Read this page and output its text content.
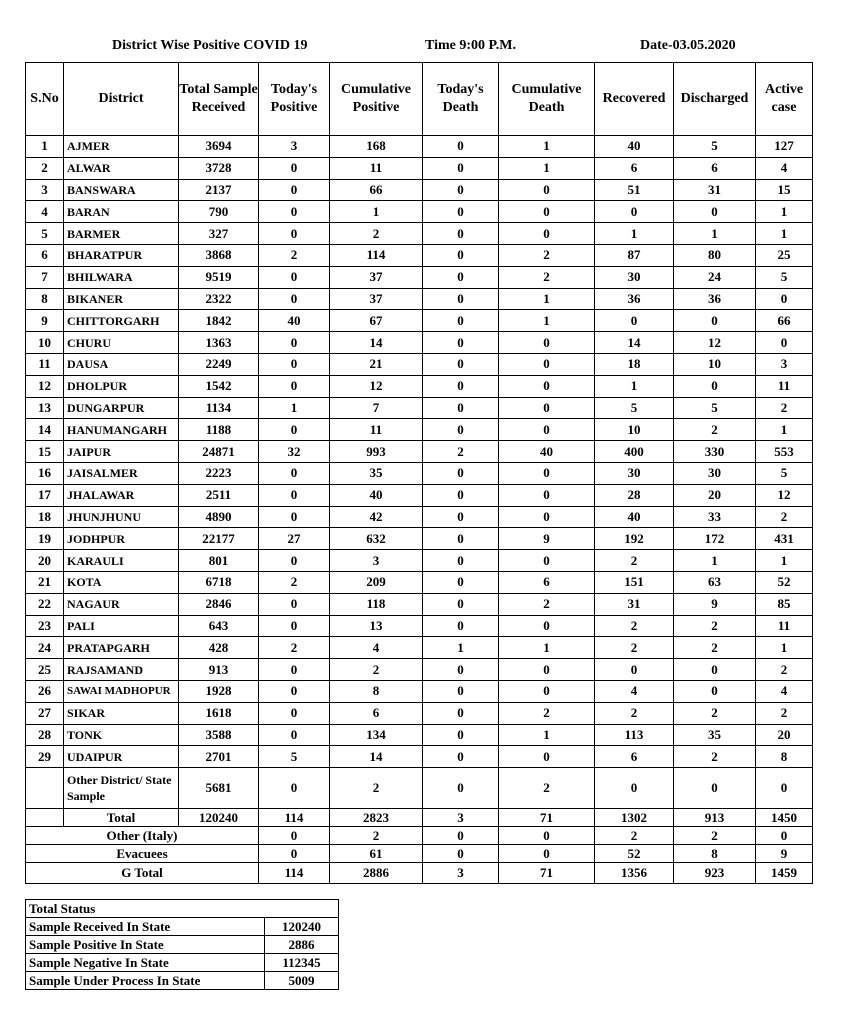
District Wise Positive COVID 19	Time 9:00 P.M.	Date-03.05.2020
S.No	District	Total Sample Received	Today's Positive	Cumulative Positive	Today's Death	Cumulative Death	Recovered	Discharged	Active case
1	AJMER	3694	3	168	0	1	40	5	127
2	ALWAR	3728	0	11	0	1	6	6	4
3	BANSWARA	2137	0	66	0	0	51	31	15
4	BARAN	790	0	1	0	0	0	0	1
5	BARMER	327	0	2	0	0	1	1	1
6	BHARATPUR	3868	2	114	0	2	87	80	25
7	BHILWARA	9519	0	37	0	2	30	24	5
8	BIKANER	2322	0	37	0	1	36	36	0
9	CHITTORGARH	1842	40	67	0	1	0	0	66
10	CHURU	1363	0	14	0	0	14	12	0
11	DAUSA	2249	0	21	0	0	18	10	3
12	DHOLPUR	1542	0	12	0	0	1	0	11
13	DUNGARPUR	1134	1	7	0	0	5	5	2
14	HANUMANGARH	1188	0	11	0	0	10	2	1
15	JAIPUR	24871	32	993	2	40	400	330	553
16	JAISALMER	2223	0	35	0	0	30	30	5
17	JHALAWAR	2511	0	40	0	0	28	20	12
18	JHUNJHUNU	4890	0	42	0	0	40	33	2
19	JODHPUR	22177	27	632	0	9	192	172	431
20	KARAULI	801	0	3	0	0	2	1	1
21	KOTA	6718	2	209	0	6	151	63	52
22	NAGAUR	2846	0	118	0	2	31	9	85
23	PALI	643	0	13	0	0	2	2	11
24	PRATAPGARH	428	2	4	1	1	2	2	1
25	RAJSAMAND	913	0	2	0	0	0	0	2
26	SAWAI MADHOPUR	1928	0	8	0	0	4	0	4
27	SIKAR	1618	0	6	0	2	2	2	2
28	TONK	3588	0	134	0	1	113	35	20
29	UDAIPUR	2701	5	14	0	0	6	2	8
	Other District/ State Sample	5681	0	2	0	2	0	0	0
	Total	120240	114	2823	3	71	1302	913	1450
Other (Italy)			0	2	0	0	2	2	0
Evacuees			0	61	0	0	52	8	9
G Total			114	2886	3	71	1356	923	1459
Total Status	
Sample Received In State	120240
Sample Positive In State	2886
Sample Negative In State	112345
Sample Under Process In State	5009
